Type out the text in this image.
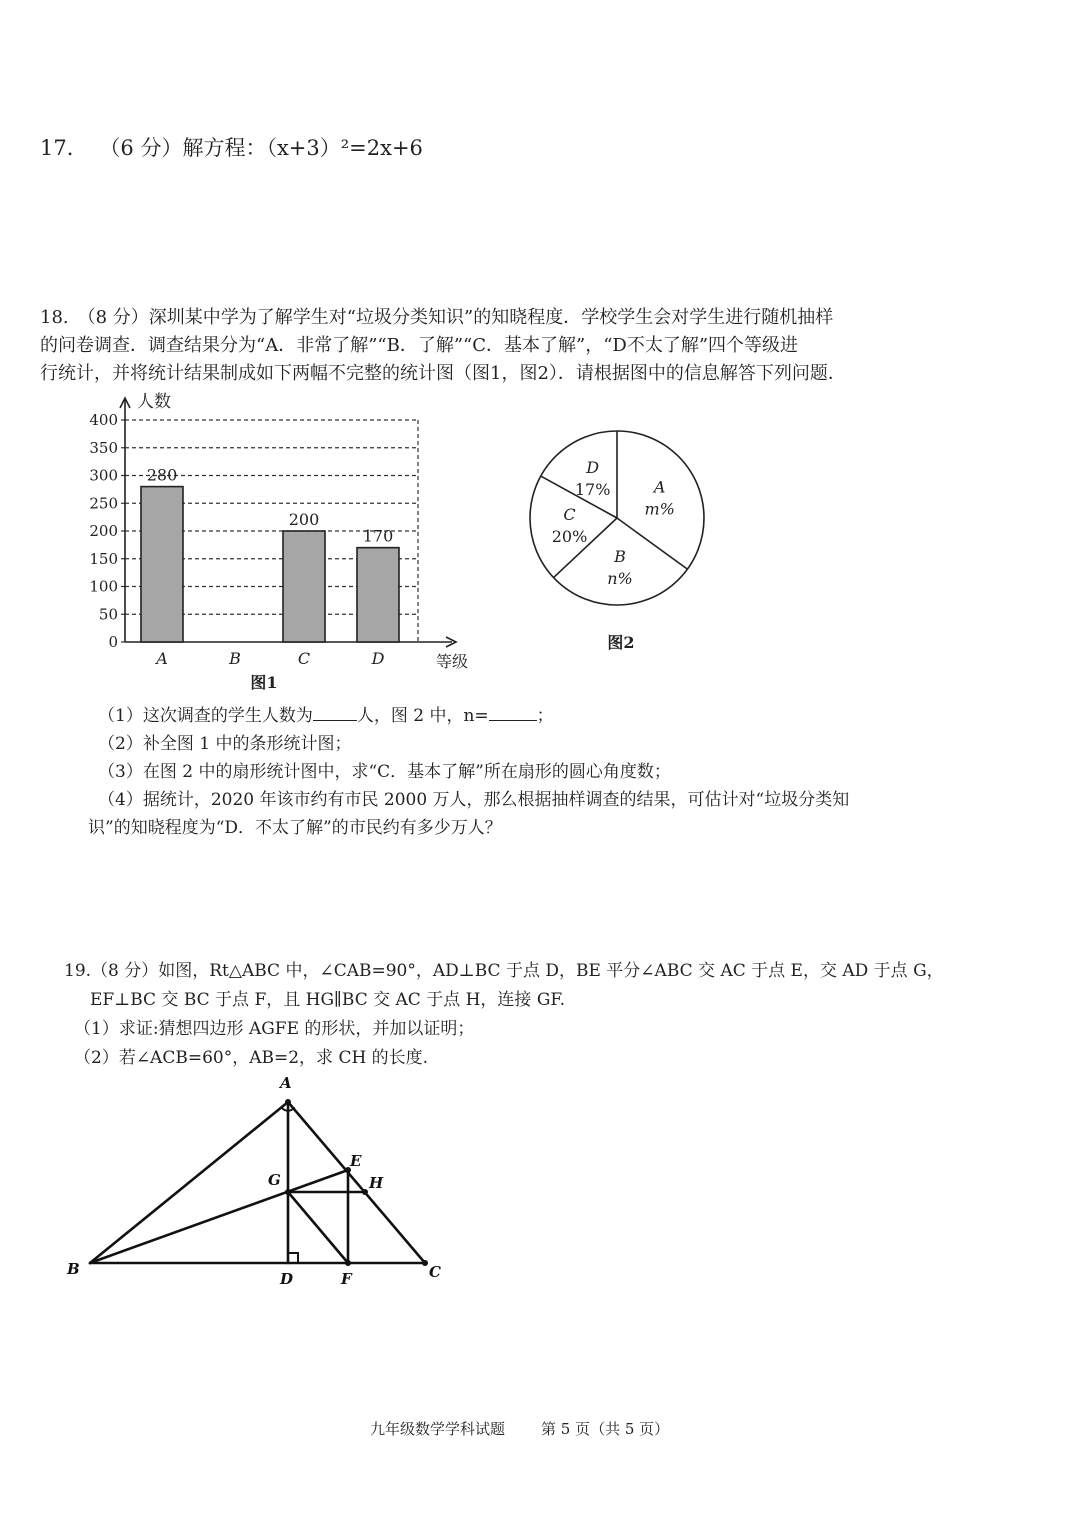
17. （6 分）解方程：（x+3）²=2x+6

18.　（8 分）深圳某中学为了解学生对“垃圾分类知识”的知晓程度．学校学生会对学生进行随机抽样

的问卷调查．调查结果分为“A．非常了解”“B．了解”“C．基本了解”，“D不太了解”四个等级进

行统计，并将统计结果制成如下两幅不完整的统计图（图1，图2）．请根据图中的信息解答下列问题．

0
50
100
150
200
250
300
350
400
人数
等级
280
A	B
200
C
170
D
图1
A
m%
B
n%
C
20%
D
17%
图2

（1）这次调查的学生人数为	人，图 2 中，n=	；

（2）补全图 1 中的条形统计图；

（3）在图 2 中的扇形统计图中，求“C．基本了解”所在扇形的圆心角度数；

（4）据统计，2020 年该市约有市民 2000 万人，那么根据抽样调查的结果，可估计对“垃圾分类知

识”的知晓程度为“D．不太了解”的市民约有多少万人？

19.（8 分）如图，Rt△ABC 中，∠CAB=90°，AD⊥BC 于点 D，BE 平分∠ABC 交 AC 于点 E，交 AD 于点 G，

EF⊥BC 交 BC 于点 F，且 HG∥BC 交 AC 于点 H，连接 GF.

（1）求证:猜想四边形 AGFE 的形状，并加以证明；

（2）若∠ACB=60°，AB=2，求 CH 的长度.

A
B	C
D
E
F
G	H
九年级数学学科试题 第 5 页（共 5 页）
